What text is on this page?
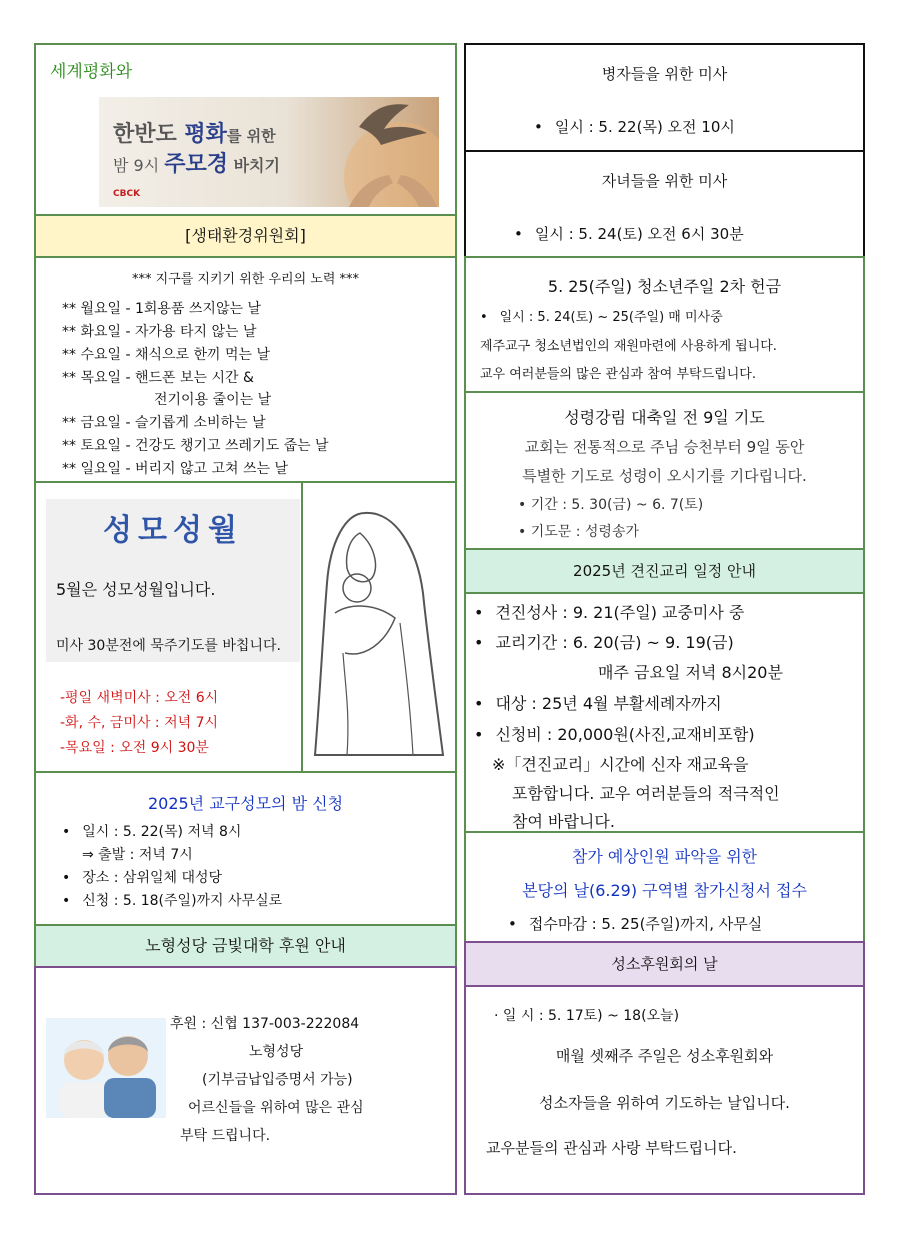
세계평화와
한반도 평화를 위한
밤 9시 주모경 바치기
CBCK
[생태환경위원회]
*** 지구를 지키기 위한 우리의 노력 ***
** 월요일 - 1회용품 쓰지않는 날
** 화요일 - 자가용 타지 않는 날
** 수요일 - 채식으로 한끼 먹는 날
** 목요일 - 핸드폰 보는 시간 &
전기이용 줄이는 날
** 금요일 - 슬기롭게 소비하는 날
** 토요일 - 건강도 챙기고 쓰레기도 줍는 날
** 일요일 - 버리지 않고 고쳐 쓰는 날
성모성월
5월은 성모성월입니다.
미사 30분전에 묵주기도를 바칩니다.
-평일 새벽미사 : 오전 6시
-화, 수, 금미사 : 저녁 7시
-목요일 : 오전 9시 30분
2025년 교구성모의 밤 신청
• 일시 : 5. 22(목) 저녁 8시
⇒ 출발 : 저녁 7시
• 장소 : 삼위일체 대성당
• 신청 : 5. 18(주일)까지 사무실로
노형성당 금빛대학 후원 안내
후원 : 신협 137-003-222084
노형성당
(기부금납입증명서 가능)
어르신들을 위하여 많은 관심
부탁 드립니다.
병자들을 위한 미사
• 일시 : 5. 22(목) 오전 10시
자녀들을 위한 미사
• 일시 : 5. 24(토) 오전 6시 30분
5. 25(주일) 청소년주일 2차 헌금
• 일시 : 5. 24(토) ~ 25(주일) 매 미사중
제주교구 청소년법인의 재원마련에 사용하게 됩니다.
교우 여러분들의 많은 관심과 참여 부탁드립니다.
성령강림 대축일 전 9일 기도
교회는 전통적으로 주님 승천부터 9일 동안
특별한 기도로 성령이 오시기를 기다립니다.
• 기간 : 5. 30(금) ~ 6. 7(토)
• 기도문 : 성령송가
2025년 견진교리 일정 안내
• 견진성사 : 9. 21(주일) 교중미사 중
• 교리기간 : 6. 20(금) ~ 9. 19(금)
매주 금요일 저녁 8시20분
• 대상 : 25년 4월 부활세례자까지
• 신청비 : 20,000원(사진,교재비포함)
※「견진교리」시간에 신자 재교육을
포함합니다. 교우 여러분들의 적극적인
참여 바랍니다.
참가 예상인원 파악을 위한
본당의 날(6.29) 구역별 참가신청서 접수
• 접수마감 : 5. 25(주일)까지, 사무실
성소후원회의 날
· 일 시 : 5. 17토) ~ 18(오늘)
매월 셋째주 주일은 성소후원회와
성소자들을 위하여 기도하는 날입니다.
교우분들의 관심과 사랑 부탁드립니다.
